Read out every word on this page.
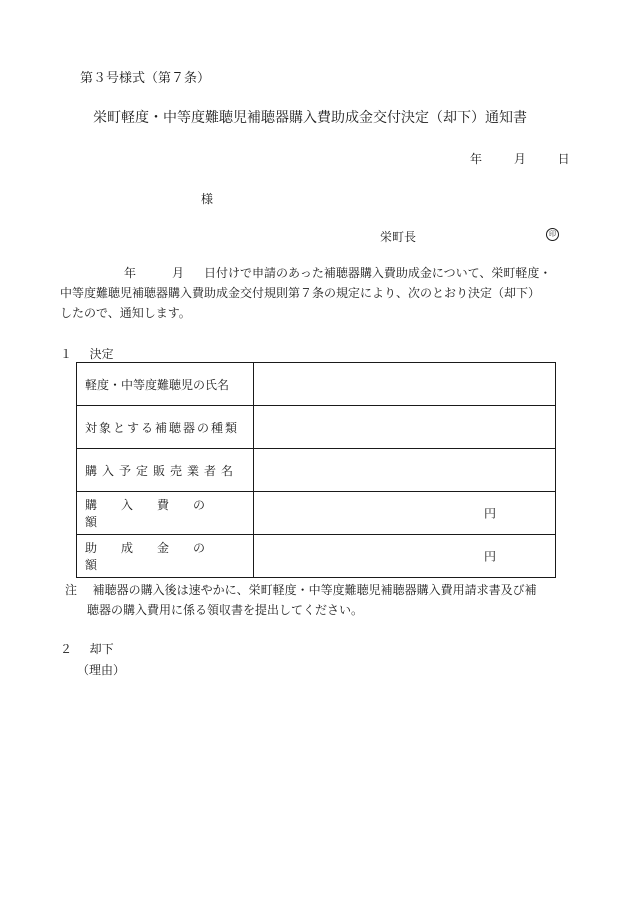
第３号様式（第７条）
栄町軽度・中等度難聴児補聴器購入費助成金交付決定（却下）通知書
年	月	日
様
栄町長	印
年	月 日付けで申請のあった補聴器購入費助成金について、栄町軽度・
中等度難聴児補聴器購入費助成金交付規則第７条の規定により、次のとおり決定（却下）
したので、通知します。
１ 決定
軽度・中等度難聴児の氏名	
対象とする補聴器の種類	
購入予定販売業者名	
購入費の額	円

助成金の額	円
注 補聴器の購入後は速やかに、栄町軽度・中等度難聴児補聴器購入費用請求書及び補
聴器の購入費用に係る領収書を提出してください。
２ 却下
（理由）
